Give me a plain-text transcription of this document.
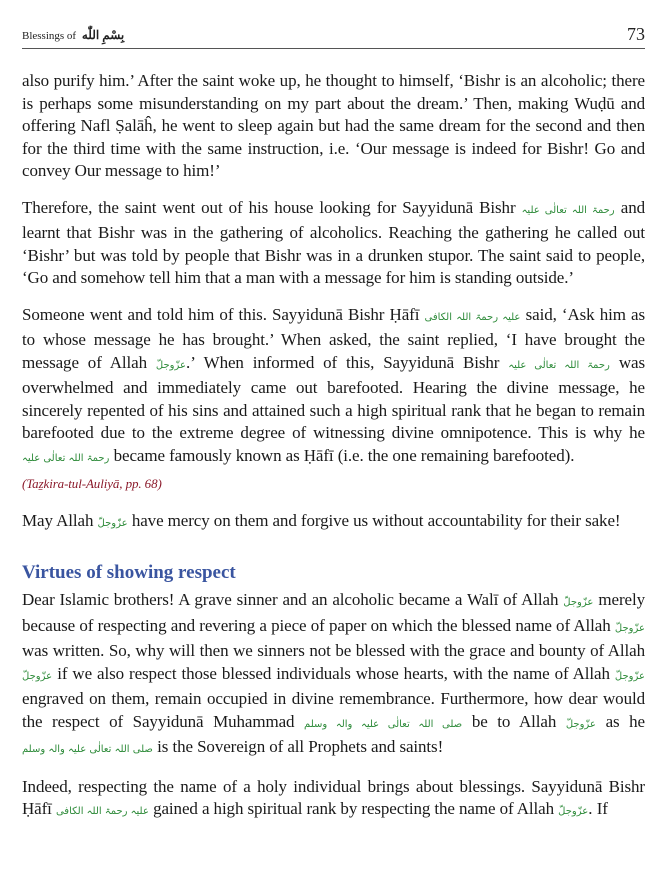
Blessings of بِسْمِ اللّٰه	73

also purify him.’ After the saint woke up, he thought to himself, ‘Bishr is an alcoholic; there is perhaps some misunderstanding on my part about the dream.’ Then, making Wuḍū and offering Nafl Ṣalāĥ, he went to sleep again but had the same dream for the second and then for the third time with the same instruction, i.e. ‘Our message is indeed for Bishr! Go and convey Our message to him!’

Therefore, the saint went out of his house looking for Sayyidunā Bishr رحمۃ اللہ تعالٰی علیہ and learnt that Bishr was in the gathering of alcoholics. Reaching the gathering he called out ‘Bishr’ but was told by people that Bishr was in a drunken stupor. The saint said to people, ‘Go and somehow tell him that a man with a message for him is standing outside.’

Someone went and told him of this. Sayyidunā Bishr Ḥāfī علیہ رحمۃ اللہ الکافی said, ‘Ask him as to whose message he has brought.’ When asked, the saint replied, ‘I have brought the message of Allah عزّوجلّ.’ When informed of this, Sayyidunā Bishr رحمۃ اللہ تعالٰی علیہ was overwhelmed and immediately came out barefooted. Hearing the divine message, he sincerely repented of his sins and attained such a high spiritual rank that he began to remain barefooted due to the extreme degree of witnessing divine omnipotence. This is why he رحمۃ اللہ تعالٰی علیہ became famously known as Ḥāfī (i.e. the one remaining barefooted).
(Taẕkira-tul-Auliyā, pp. 68)

May Allah عزّوجلّ have mercy on them and forgive us without accountability for their sake!

Virtues of showing respect

Dear Islamic brothers! A grave sinner and an alcoholic became a Walī of Allah عزّوجلّ merely because of respecting and revering a piece of paper on which the blessed name of Allah عزّوجلّ was written. So, why will then we sinners not be blessed with the grace and bounty of Allah عزّوجلّ if we also respect those blessed individuals whose hearts, with the name of Allah عزّوجلّ engraved on them, remain occupied in divine remembrance. Furthermore, how dear would the respect of Sayyidunā Muhammad صلی اللہ تعالٰی علیہ والہ وسلم be to Allah عزّوجلّ as he صلی اللہ تعالٰی علیہ والہ وسلم is the Sovereign of all Prophets and saints!

Indeed, respecting the name of a holy individual brings about blessings. Sayyidunā Bishr Ḥāfī علیہ رحمۃ اللہ الکافی gained a high spiritual rank by respecting the name of Allah عزّوجلّ. If
